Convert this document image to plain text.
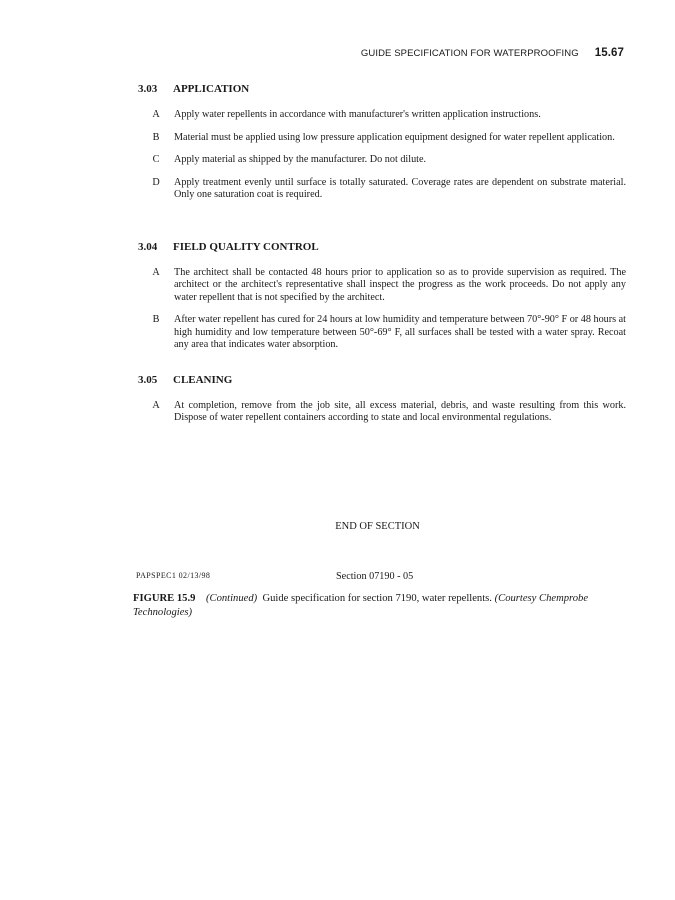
GUIDE SPECIFICATION FOR WATERPROOFING 15.67
3.03	APPLICATION
A	Apply water repellents in accordance with manufacturer's written application instructions.
B	Material must be applied using low pressure application equipment designed for water repellent application.
C	Apply material as shipped by the manufacturer. Do not dilute.
D	Apply treatment evenly until surface is totally saturated. Coverage rates are dependent on substrate material. Only one saturation coat is required.
3.04	FIELD QUALITY CONTROL
A	The architect shall be contacted 48 hours prior to application so as to provide supervision as required. The architect or the architect's representative shall inspect the progress as the work proceeds. Do not apply any water repellent that is not specified by the architect.
B	After water repellent has cured for 24 hours at low humidity and temperature between 70°-90° F or 48 hours at high humidity and low temperature between 50°-69° F, all surfaces shall be tested with a water spray. Recoat any area that indicates water absorption.
3.05	CLEANING
A	At completion, remove from the job site, all excess material, debris, and waste resulting from this work. Dispose of water repellent containers according to state and local environmental regulations.
END OF SECTION
PAPSPEC1 02/13/98	Section 07190 - 05
FIGURE 15.9 (Continued) Guide specification for section 7190, water repellents. (Courtesy Chemprobe Technologies)
